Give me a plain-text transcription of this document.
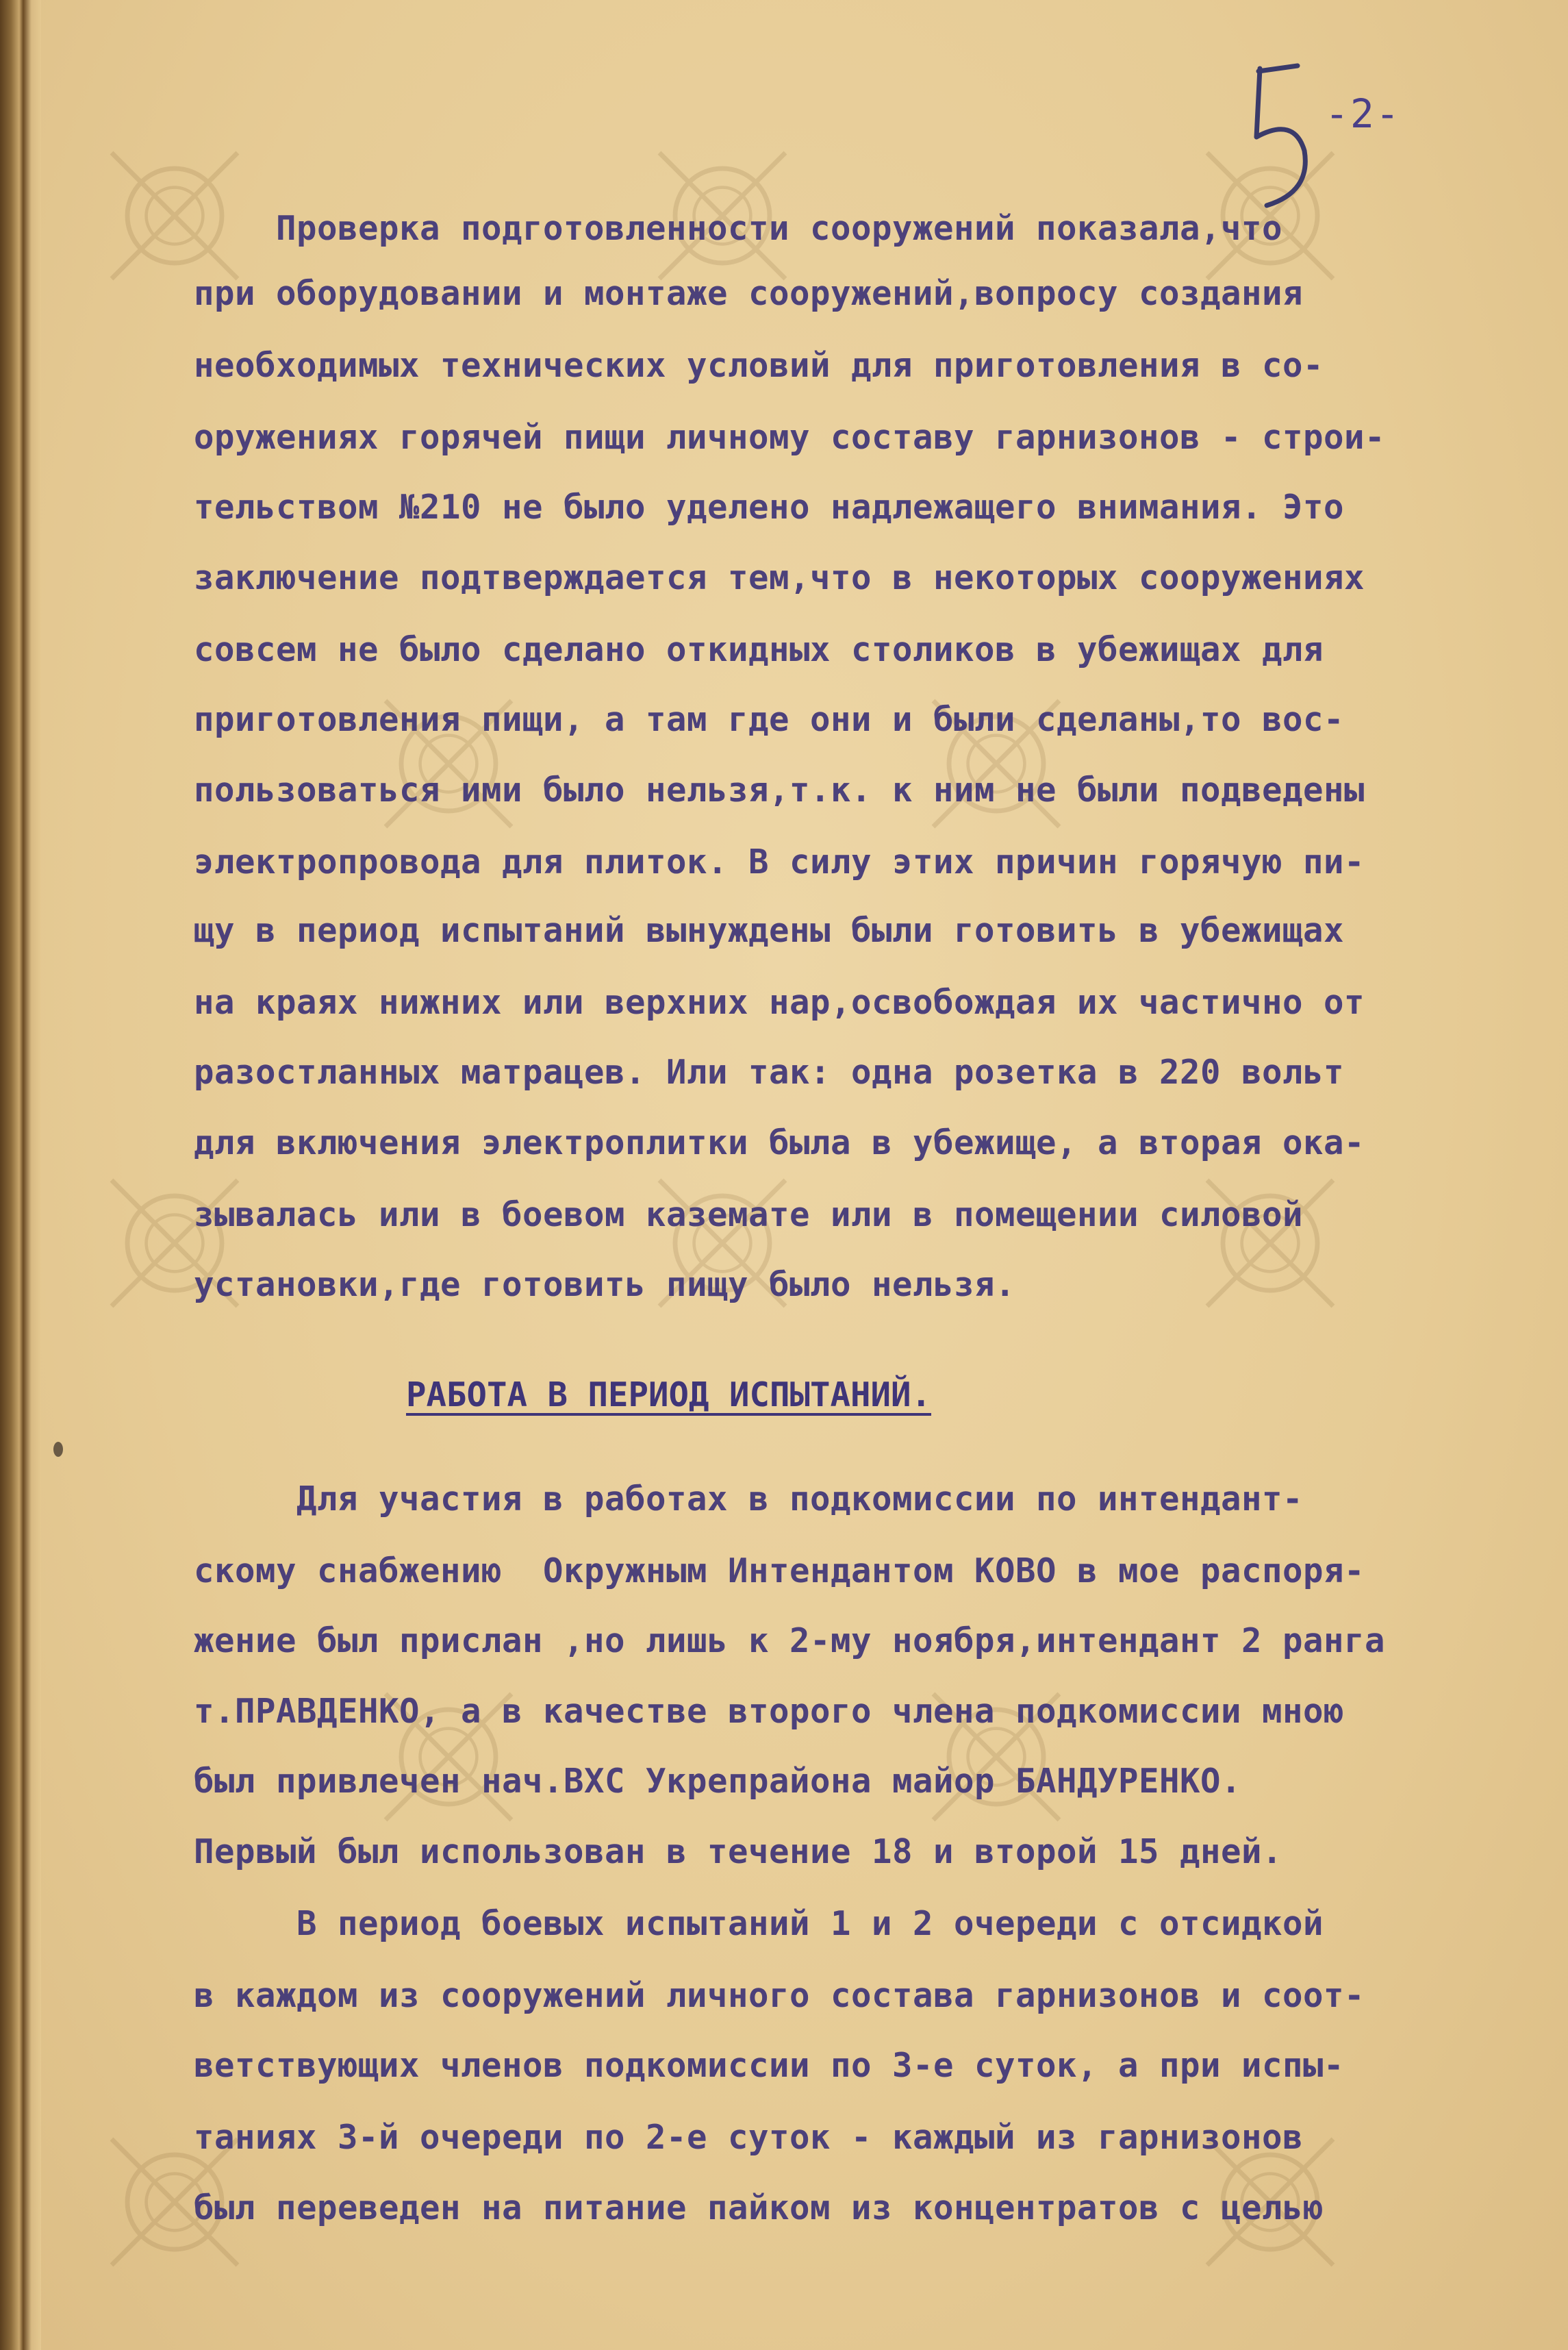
-2-

Проверка подготовленности сооружений показала,что

при оборудовании и монтаже сооружений,вопросу создания
необходимых технических условий для приготовления в со-
оружениях горячей пищи личному составу гарнизонов - строи-
тельством №210 не было уделено надлежащего внимания. Это
заключение подтверждается тем,что в некоторых сооружениях
совсем не было сделано откидных столиков в убежищах для
приготовления пищи, а там где они и были сделаны,то вос-
пользоваться ими было нельзя,т.к. к ним не были подведены
электропровода для плиток. В силу этих причин горячую пи-
щу в период испытаний вынуждены были готовить в убежищах
на краях нижних или верхних нар,освобождая их частично от
разостланных матрацев. Или так: одна розетка в 220 вольт
для включения электроплитки была в убежище, а вторая ока-
зывалась или в боевом каземате или в помещении силовой
установки,где готовить пищу было нельзя.
РАБОТА В ПЕРИОД ИСПЫТАНИЙ.
Для участия в работах в подкомиссии по интендант-
скому снабжению  Окружным Интендантом КОВО в мое распоря-
жение был прислан ,но лишь к 2-му ноября,интендант 2 ранга
т.ПРАВДЕНКО, а в качестве второго члена подкомиссии мною
был привлечен нач.ВХС Укрепрайона майор БАНДУРЕНКО.
Первый был использован в течение 18 и второй 15 дней.
В период боевых испытаний 1 и 2 очереди с отсидкой
в каждом из сооружений личного состава гарнизонов и соот-
ветствующих членов подкомиссии по 3-е суток, а при испы-
таниях 3-й очереди по 2-е суток - каждый из гарнизонов
был переведен на питание пайком из концентратов с целью
